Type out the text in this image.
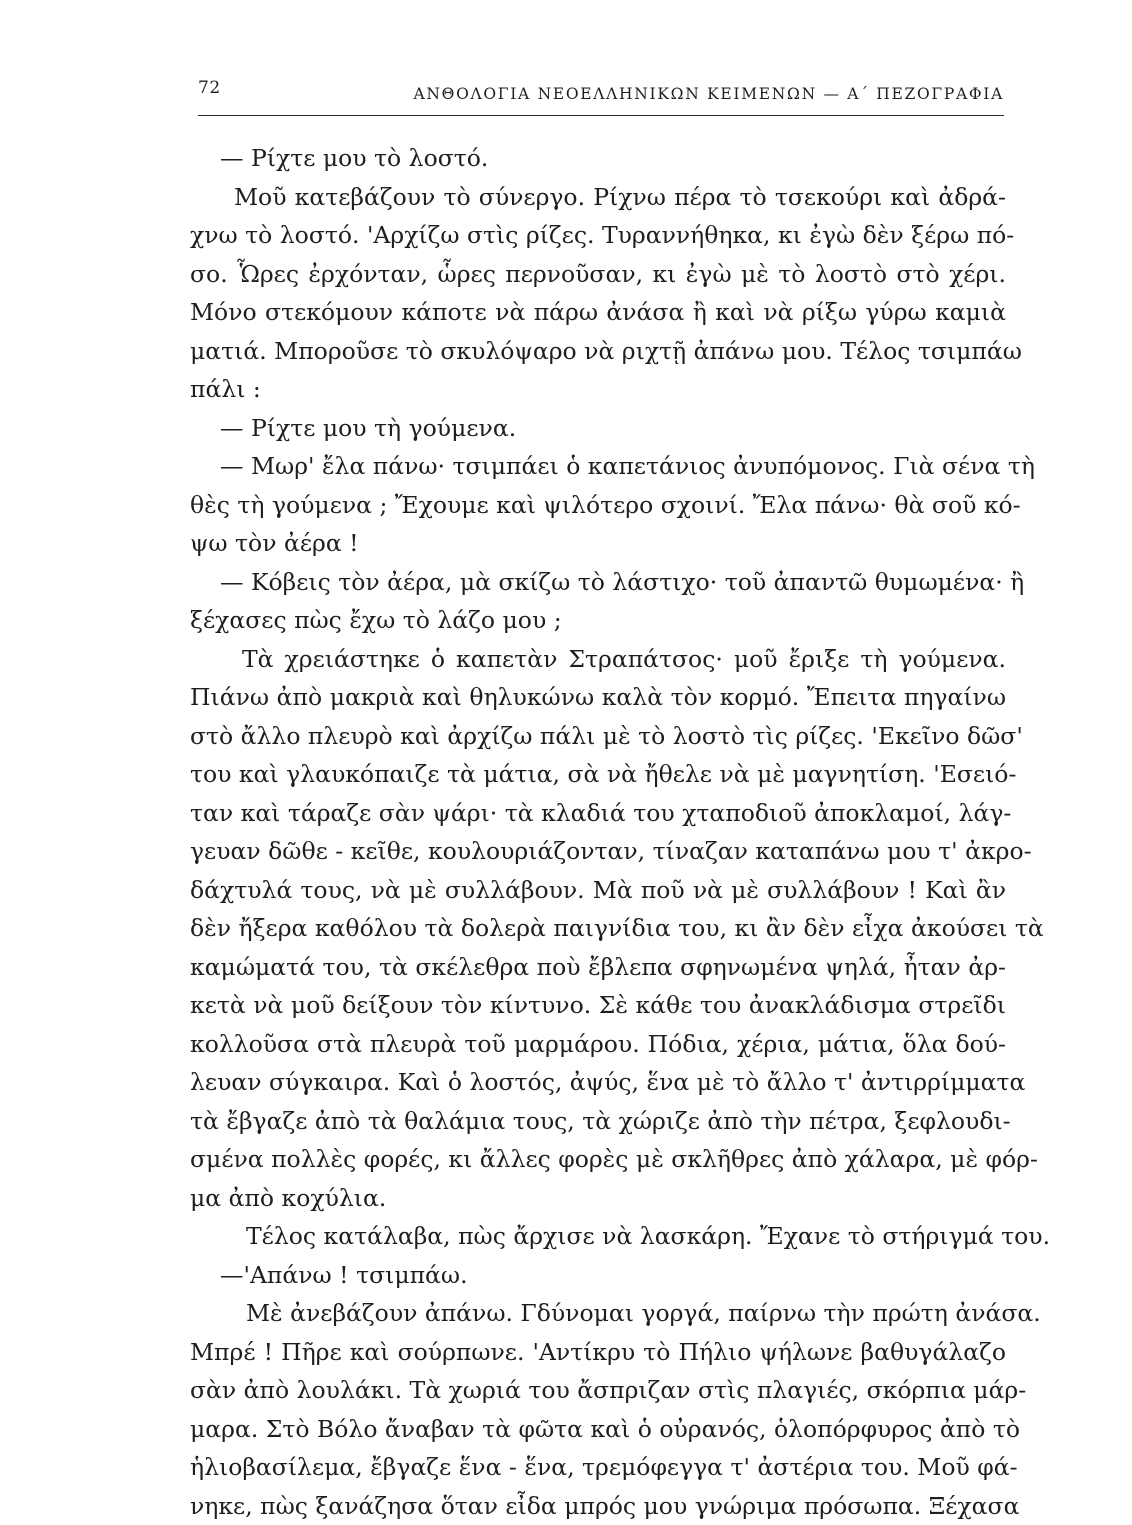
72	ΑΝΘΟΛΟΓΙΑ ΝΕΟΕΛΛΗΝΙΚΩΝ ΚΕΙΜΕΝΩΝ — Α΄ ΠΕΖΟΓΡΑΦΙΑ
— Ρίχτε μου τὸ λοστό.
Μοῦ κατεβάζουν τὸ σύνεργο. Ρίχνω πέρα τὸ τσεκούρι καὶ ἀδρά-
χνω τὸ λοστό. 'Αρχίζω στὶς ρίζες. Τυραννήθηκα, κι ἐγὼ δὲν ξέρω πό-
σο. Ὧρες ἐρχόνταν, ὧρες περνοῦσαν, κι ἐγὼ μὲ τὸ λοστὸ στὸ χέρι.
Μόνο στεκόμουν κάποτε νὰ πάρω ἀνάσα ἢ καὶ νὰ ρίξω γύρω καμιὰ
ματιά. Μποροῦσε τὸ σκυλόψαρο νὰ ριχτῇ ἀπάνω μου. Τέλος τσιμπάω
πάλι :
— Ρίχτε μου τὴ γούμενα.
— Μωρ' ἔλα πάνω· τσιμπάει ὁ καπετάνιος ἀνυπόμονος. Γιὰ σένα τὴ
θὲς τὴ γούμενα ; Ἔχουμε καὶ ψιλότερο σχοινί. Ἔλα πάνω· θὰ σοῦ κό-
ψω τὸν ἀέρα !
— Κόβεις τὸν ἀέρα, μὰ σκίζω τὸ λάστιχο· τοῦ ἀπαντῶ θυμωμένα· ἢ
ξέχασες πὼς ἔχω τὸ λάζο μου ;
Τὰ χρειάστηκε ὁ καπετὰν Στραπάτσος· μοῦ ἔριξε τὴ γούμενα.
Πιάνω ἀπὸ μακριὰ καὶ θηλυκώνω καλὰ τὸν κορμό. Ἔπειτα πηγαίνω
στὸ ἄλλο πλευρὸ καὶ ἀρχίζω πάλι μὲ τὸ λοστὸ τὶς ρίζες. 'Εκεῖνο δῶσ'
του καὶ γλαυκόπαιζε τὰ μάτια, σὰ νὰ ἤθελε νὰ μὲ μαγνητίση. 'Εσειό-
ταν καὶ τάραζε σὰν ψάρι· τὰ κλαδιά του χταποδιοῦ ἀποκλαμοί, λάγ-
γευαν δῶθε - κεῖθε, κουλουριάζονταν, τίναζαν καταπάνω μου τ' ἀκρο-
δάχτυλά τους, νὰ μὲ συλλάβουν. Μὰ ποῦ νὰ μὲ συλλάβουν ! Καὶ ἂν
δὲν ἤξερα καθόλου τὰ δολερὰ παιγνίδια του, κι ἂν δὲν εἶχα ἀκούσει τὰ
καμώματά του, τὰ σκέλεθρα ποὺ ἔβλεπα σφηνωμένα ψηλά, ἦταν ἀρ-
κετὰ νὰ μοῦ δείξουν τὸν κίντυνο. Σὲ κάθε του ἀνακλάδισμα στρεῖδι
κολλοῦσα στὰ πλευρὰ τοῦ μαρμάρου. Πόδια, χέρια, μάτια, ὅλα δού-
λευαν σύγκαιρα. Καὶ ὁ λοστός, ἀψύς, ἕνα μὲ τὸ ἄλλο τ' ἀντιρρίμματα
τὰ ἔβγαζε ἀπὸ τὰ θαλάμια τους, τὰ χώριζε ἀπὸ τὴν πέτρα, ξεφλουδι-
σμένα πολλὲς φορές, κι ἄλλες φορὲς μὲ σκλῆθρες ἀπὸ χάλαρα, μὲ φόρ-
μα ἀπὸ κοχύλια.
Τέλος κατάλαβα, πὼς ἄρχισε νὰ λασκάρη. Ἔχανε τὸ στήριγμά του.
—'Απάνω ! τσιμπάω.
Μὲ ἀνεβάζουν ἀπάνω. Γδύνομαι γοργά, παίρνω τὴν πρώτη ἀνάσα.
Μπρέ ! Πῆρε καὶ σούρπωνε. 'Αντίκρυ τὸ Πήλιο ψήλωνε βαθυγάλαζο
σὰν ἀπὸ λουλάκι. Τὰ χωριά του ἄσπριζαν στὶς πλαγιές, σκόρπια μάρ-
μαρα. Στὸ Βόλο ἄναβαν τὰ φῶτα καὶ ὁ οὐρανός, ὁλοπόρφυρος ἀπὸ τὸ
ἡλιοβασίλεμα, ἔβγαζε ἕνα - ἕνα, τρεμόφεγγα τ' ἀστέρια του. Μοῦ φά-
νηκε, πὼς ξανάζησα ὅταν εἶδα μπρός μου γνώριμα πρόσωπα. Ξέχασα
